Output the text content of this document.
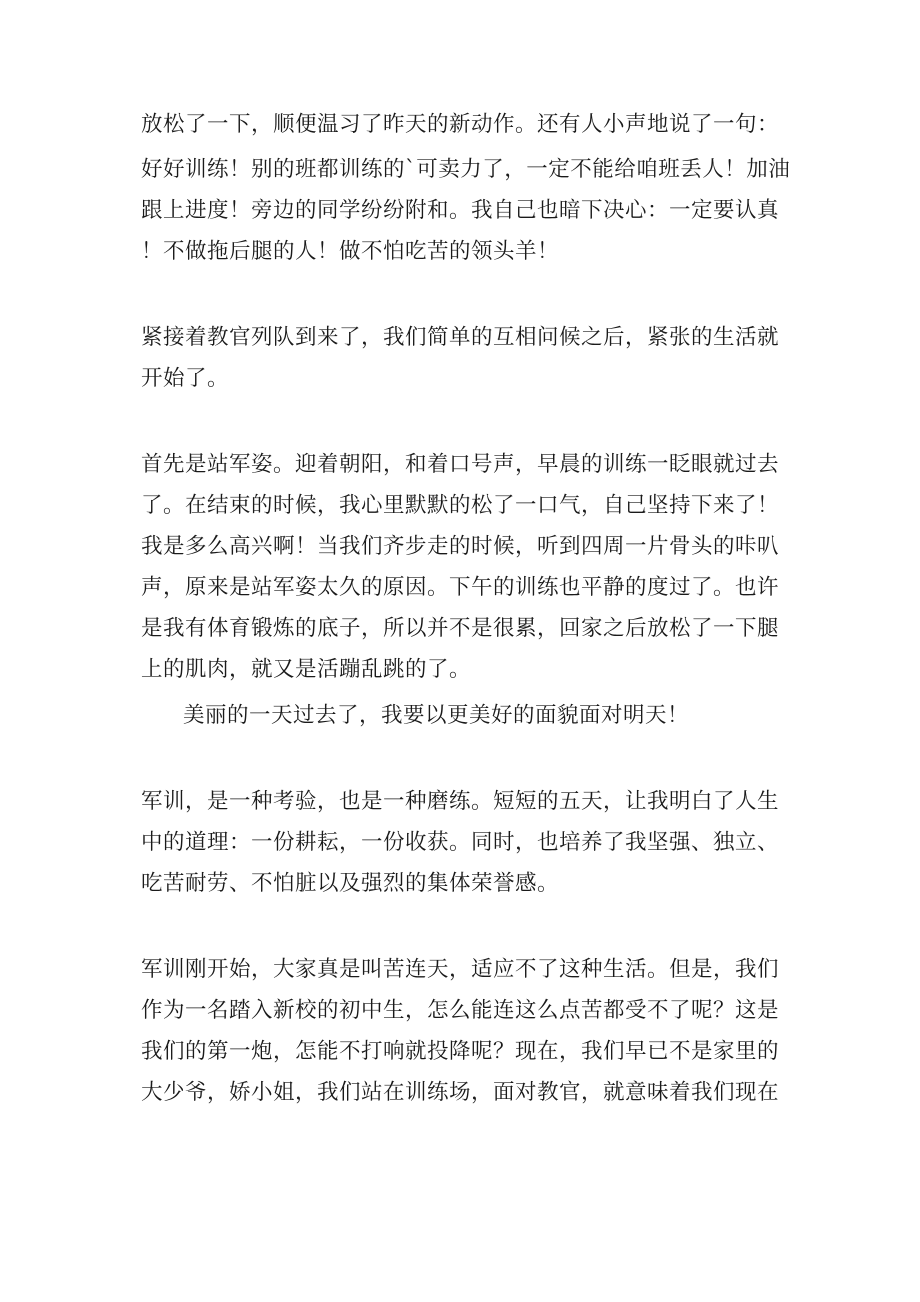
放松了一下，顺便温习了昨天的新动作。还有人小声地说了一句：

好好训练！别的班都训练的`可卖力了，一定不能给咱班丢人！加油

跟上进度！旁边的同学纷纷附和。我自己也暗下决心：一定要认真

！不做拖后腿的人！做不怕吃苦的领头羊！

紧接着教官列队到来了，我们简单的互相问候之后，紧张的生活就

开始了。

首先是站军姿。迎着朝阳，和着口号声，早晨的训练一眨眼就过去

了。在结束的时候，我心里默默的松了一口气，自己坚持下来了！

我是多么高兴啊！当我们齐步走的时候，听到四周一片骨头的咔叭

声，原来是站军姿太久的原因。下午的训练也平静的度过了。也许

是我有体育锻炼的底子，所以并不是很累，回家之后放松了一下腿

上的肌肉，就又是活蹦乱跳的了。

美丽的一天过去了，我要以更美好的面貌面对明天！

军训，是一种考验，也是一种磨练。短短的五天，让我明白了人生

中的道理：一份耕耘，一份收获。同时，也培养了我坚强、独立、

吃苦耐劳、不怕脏以及强烈的集体荣誉感。

军训刚开始，大家真是叫苦连天，适应不了这种生活。但是，我们

作为一名踏入新校的初中生，怎么能连这么点苦都受不了呢？这是

我们的第一炮，怎能不打响就投降呢？现在，我们早已不是家里的

大少爷，娇小姐，我们站在训练场，面对教官，就意味着我们现在
